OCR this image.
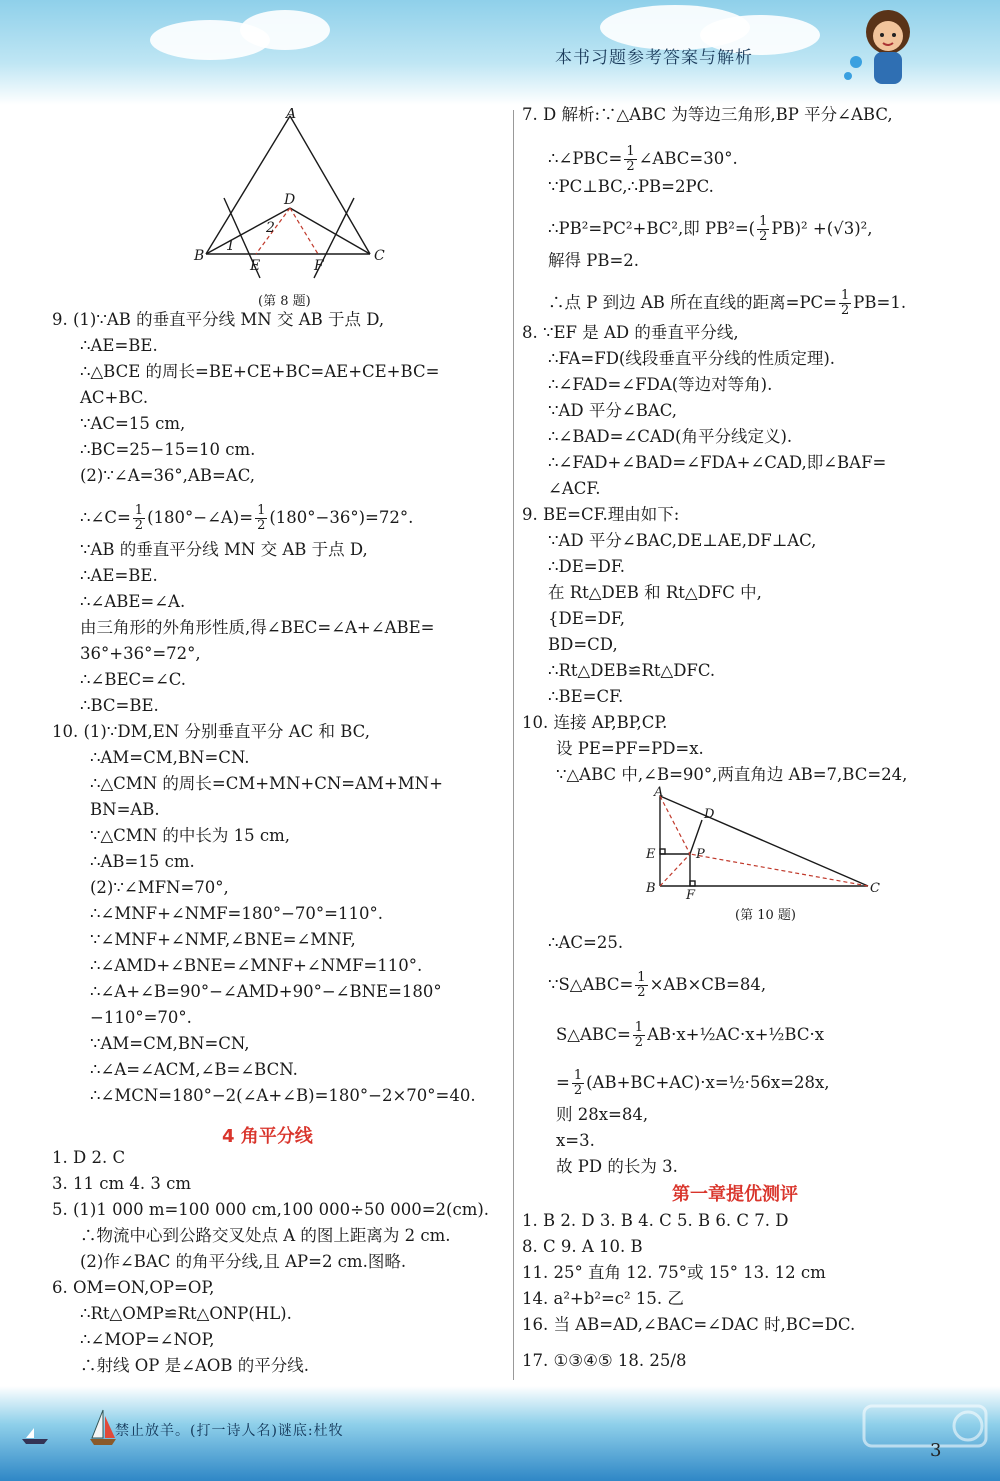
本书习题参考答案与解析
A
D
2
1
B
E	F
C
(第 8 题)
9. (1)∵AB 的垂直平分线 MN 交 AB 于点 D,
∴AE=BE.
∴△BCE 的周长=BE+CE+BC=AE+CE+BC=
AC+BC.
∵AC=15 cm,
∴BC=25−15=10 cm.
(2)∵∠A=36°,AB=AC,
∴∠C= $\frac{1}{2}$ (180°−∠A)= $\frac{1}{2} (180^\circ-36^\circ)=72^\circ$.
∵AB 的垂直平分线 MN 交 AB 于点 D,
∴AE=BE.
∴∠ABE=∠A.
由三角形的外角形性质,得∠BEC=∠A+∠ABE=
36°+36°=72°,
∴∠BEC=∠C.
∴BC=BE.
10. (1)∵DM,EN 分别垂直平分 AC 和 BC,
∴AM=CM,BN=CN.
∴△CMN 的周长=CM+MN+CN=AM+MN+
BN=AB.
∵△CMN 的中长为 15 cm,
∴AB=15 cm.
(2)∵∠MFN=70°,
∴∠MNF+∠NMF=180°−70°=110°.
∵∠MNF+∠NMF,∠BNE=∠MNF,
∴∠AMD+∠BNE=∠MNF+∠NMF=110°.
∴∠A+∠B=90°−∠AMD+90°−∠BNE=180°
−110°=70°.
∵AM=CM,BN=CN,
∴∠A=∠ACM,∠B=∠BCN.
∴∠MCN=180°−2(∠A+∠B)=180°−2×70°=40.
1. D 2. C
3. 11 cm 4. 3 cm
5. (1)1 000 m=100 000 cm,100 000÷50 000=2(cm).
∴物流中心到公路交叉处点 A 的图上距离为 2 cm.
(2)作∠BAC 的角平分线,且 AP=2 cm.图略.
6. OM=ON,OP=OP,
∴Rt△OMP≌Rt△ONP(HL).
∴∠MOP=∠NOP,
∴射线 OP 是∠AOB 的平分线.
4 角平分线
7. D 解析:∵△ABC 为等边三角形,BP 平分∠ABC,
∴∠PBC= $\frac{1}{2}$ ∠ABC=30°.
∵PC⊥BC,∴PB=2PC.
∴PB²=PC²+BC²,即 $PB^2=( \frac{1}{2} PB)^2 +(√3)^2$,
解得 PB=2.
∴点 P 到边 AB 所在直线的距离$=PC= \frac{1}{2} PB=1$.
8. ∵EF 是 AD 的垂直平分线,
∴FA=FD(线段垂直平分线的性质定理).
∴∠FAD=∠FDA(等边对等角).
∵AD 平分∠BAC,
∴∠BAD=∠CAD(角平分线定义).
∴∠FAD+∠BAD=∠FDA+∠CAD,即∠BAF=
∠ACF.
9. BE=CF.理由如下:
∵AD 平分∠BAC,DE⊥AE,DF⊥AC,
∴DE=DF.
在 Rt△DEB 和 Rt△DFC 中,
{DE=DF,
BD=CD,
∴Rt△DEB≌Rt△DFC.
∴BE=CF.
10. 连接 AP,BP,CP.
设 PE=PF=PD=x.
∵△ABC 中,∠B=90°,两直角边 AB=7,BC=24,
∴AC=25.
∵S△ABC= $\frac{1}{2} \times AB\times CB=84$,
S△ABC= $\frac{1}{2}$ AB·x+½AC·x+½BC·x
= $\frac{1}{2}$ (AB+BC+AC)·x=½·56x=28x,
则 28x=84,
x=3.
故 PD 的长为 3.
1. B 2. D 3. B 4. C 5. B 6. C 7. D
8. C 9. A 10. B
11. 25° 直角 12. 75°或 15° 13. 12 cm
14. a²+b²=c² 15. 乙
16. 当 AB=AD,∠BAC=∠DAC 时,BC=DC.
17. ①③④⑤ 18. 25/8
第一章提优测评
A
D
E	P
B F	C
(第 10 题)
禁止放羊。(打一诗人名)谜底:杜牧
3
